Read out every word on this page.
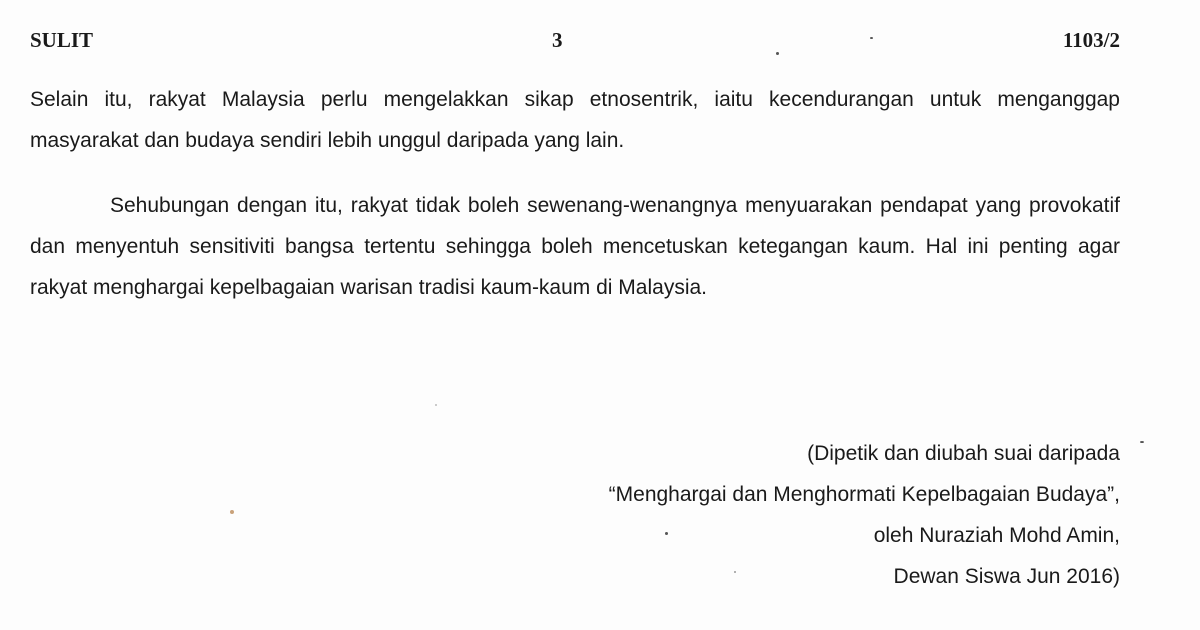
SULIT	3	1103/2

Selain itu, rakyat Malaysia perlu mengelakkan sikap etnosentrik, iaitu kecendurangan untuk menganggap masyarakat dan budaya sendiri lebih unggul daripada yang lain.

Sehubungan dengan itu, rakyat tidak boleh sewenang-wenangnya menyuarakan pendapat yang provokatif dan menyentuh sensitiviti bangsa tertentu sehingga boleh mencetuskan ketegangan kaum. Hal ini penting agar rakyat menghargai kepelbagaian warisan tradisi kaum-kaum di Malaysia.

(Dipetik dan diubah suai daripada
“Menghargai dan Menghormati Kepelbagaian Budaya”,
oleh Nuraziah Mohd Amin,
Dewan Siswa Jun 2016)
